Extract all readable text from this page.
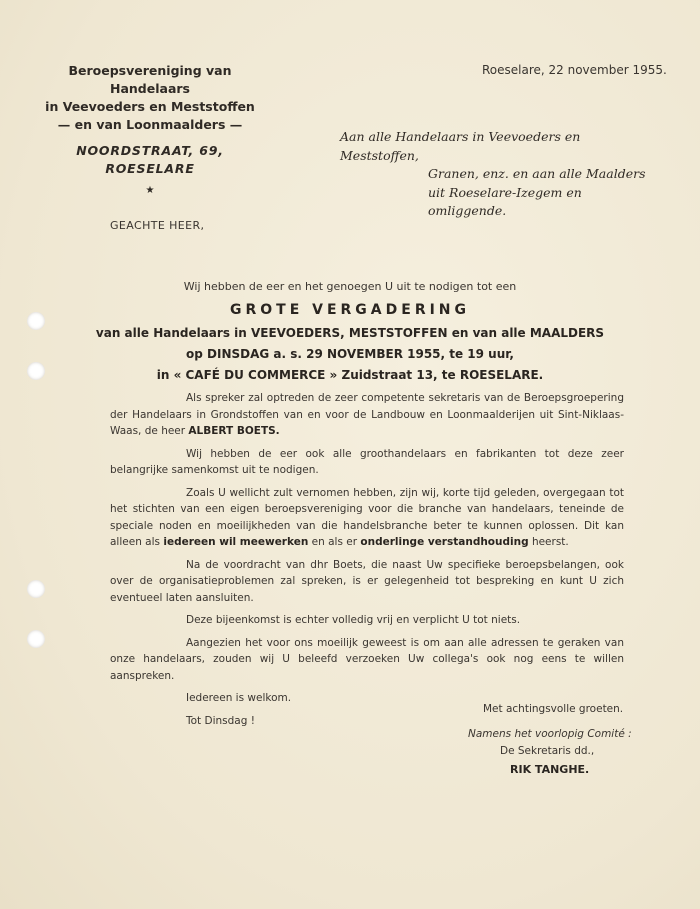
Beroepsvereniging van Handelaars
in Veevoeders en Meststoffen
— en van Loonmaalders —
NOORDSTRAAT, 69, ROESELARE
★
Roeselare, 22 november 1955.
Aan alle Handelaars in Veevoeders en Meststoffen,
Granen, enz. en aan alle Maalders
uit Roeselare-Izegem en omliggende.
GEACHTE HEER,
Wij hebben de eer en het genoegen U uit te nodigen tot een
GROTE VERGADERING
van alle Handelaars in VEEVOEDERS, MESTSTOFFEN en van alle MAALDERS
op DINSDAG a. s. 29 NOVEMBER 1955, te 19 uur,
in « CAFÉ DU COMMERCE » Zuidstraat 13, te ROESELARE.

Als spreker zal optreden de zeer competente sekretaris van de Beroepsgroepering der Handelaars in Grondstoffen van en voor de Landbouw en Loonmaalderijen uit Sint-Niklaas-Waas, de heer ALBERT BOETS.

Wij hebben de eer ook alle groothandelaars en fabrikanten tot deze zeer belangrijke samenkomst uit te nodigen.

Zoals U wellicht zult vernomen hebben, zijn wij, korte tijd geleden, overgegaan tot het stichten van een eigen beroepsvereniging voor die branche van handelaars, teneinde de speciale noden en moeilijkheden van die handelsbranche beter te kunnen oplossen. Dit kan alleen als iedereen wil meewerken en als er onderlinge verstandhouding heerst.

Na de voordracht van dhr Boets, die naast Uw specifieke beroepsbelangen, ook over de organisatieproblemen zal spreken, is er gelegenheid tot bespreking en kunt U zich eventueel laten aansluiten.

Deze bijeenkomst is echter volledig vrij en verplicht U tot niets.

Aangezien het voor ons moeilijk geweest is om aan alle adressen te geraken van onze handelaars, zouden wij U beleefd verzoeken Uw collega's ook nog eens te willen aanspreken.

Iedereen is welkom.

Tot Dinsdag !

Met achtingsvolle groeten.
Namens het voorlopig Comité :
De Sekretaris dd.,
RIK TANGHE.
